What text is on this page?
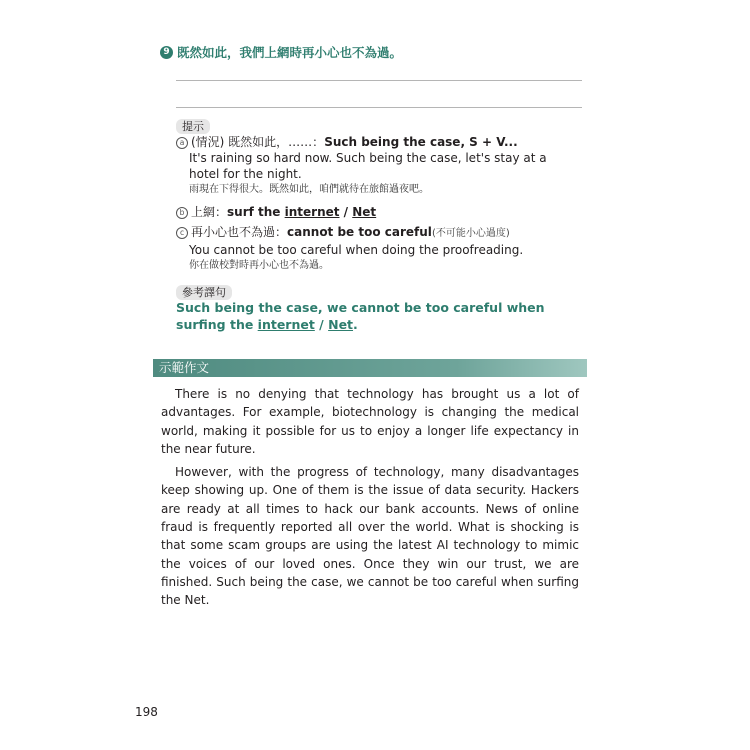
9 既然如此，我們上網時再小心也不為過。
提示
a (情況) 既然如此，……：Such being the case, S + V...
It's raining so hard now. Such being the case, let's stay at a hotel for the night.
雨現在下得很大。既然如此，咱們就待在旅館過夜吧。
b 上網：surf the internet / Net
c 再小心也不為過：cannot be too careful(不可能小心過度)
You cannot be too careful when doing the proofreading.
你在做校對時再小心也不為過。
參考譯句
Such being the case, we cannot be too careful when surfing the internet / Net.
示範作文

There is no denying that technology has brought us a lot of advantages. For example, biotechnology is changing the medical world, making it possible for us to enjoy a longer life expectancy in the near future.

However, with the progress of technology, many disadvantages keep showing up. One of them is the issue of data security. Hackers are ready at all times to hack our bank accounts. News of online fraud is frequently reported all over the world. What is shocking is that some scam groups are using the latest AI technology to mimic the voices of our loved ones. Once they win our trust, we are finished. Such being the case, we cannot be too careful when surfing the Net.

198
